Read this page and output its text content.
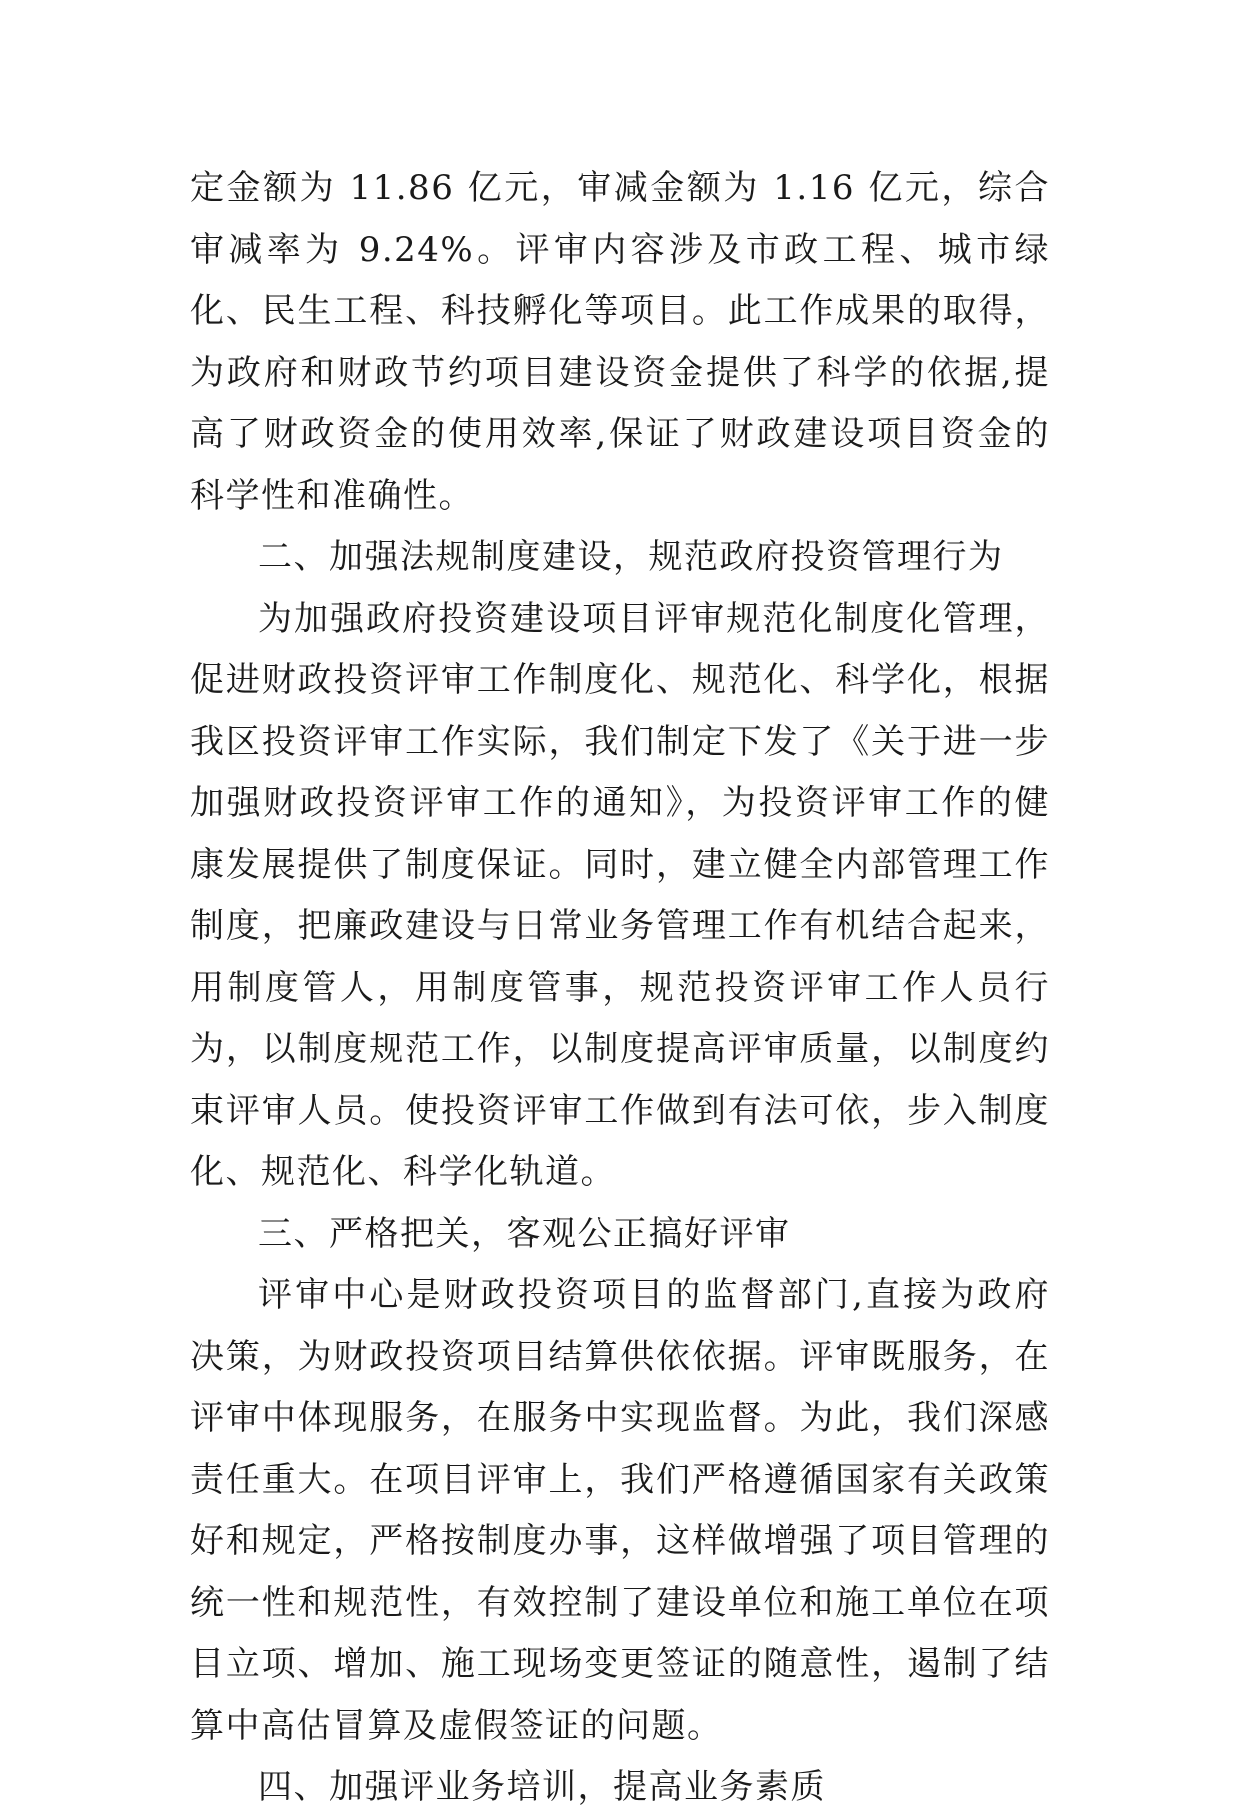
定金额为 11.86 亿元，审减金额为 1.16 亿元，综合审减率为 9.24%。评审内容涉及市政工程、城市绿化、民生工程、科技孵化等项目。此工作成果的取得，为政府和财政节约项目建设资金提供了科学的依据,提高了财政资金的使用效率,保证了财政建设项目资金的科学性和准确性。

二、加强法规制度建设，规范政府投资管理行为

为加强政府投资建设项目评审规范化制度化管理，促进财政投资评审工作制度化、规范化、科学化，根据我区投资评审工作实际，我们制定下发了《关于进一步加强财政投资评审工作的通知》，为投资评审工作的健康发展提供了制度保证。同时，建立健全内部管理工作制度，把廉政建设与日常业务管理工作有机结合起来，用制度管人，用制度管事，规范投资评审工作人员行为，以制度规范工作，以制度提高评审质量，以制度约束评审人员。使投资评审工作做到有法可依，步入制度化、规范化、科学化轨道。

三、严格把关，客观公正搞好评审

评审中心是财政投资项目的监督部门,直接为政府决策，为财政投资项目结算供依依据。评审既服务，在评审中体现服务，在服务中实现监督。为此，我们深感责任重大。在项目评审上，我们严格遵循国家有关政策好和规定，严格按制度办事，这样做增强了项目管理的统一性和规范性，有效控制了建设单位和施工单位在项目立项、增加、施工现场变更签证的随意性，遏制了结算中高估冒算及虚假签证的问题。

四、加强评业务培训，提高业务素质
